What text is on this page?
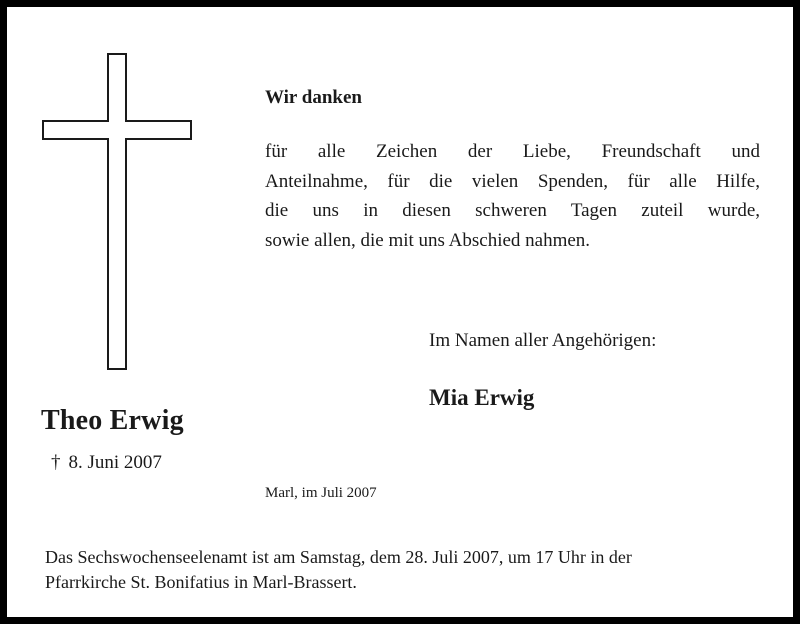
Theo Erwig
† 8. Juni 2007
Wir danken
für alle Zeichen der Liebe, Freundschaft und
Anteilnahme, für die vielen Spenden, für alle Hilfe,
die uns in diesen schweren Tagen zuteil wurde,
sowie allen, die mit uns Abschied nahmen.
Im Namen aller Angehörigen:
Mia Erwig
Marl, im Juli 2007
Das Sechswochenseelenamt ist am Samstag, dem 28. Juli 2007, um 17 Uhr in der
Pfarrkirche St. Bonifatius in Marl-Brassert.
